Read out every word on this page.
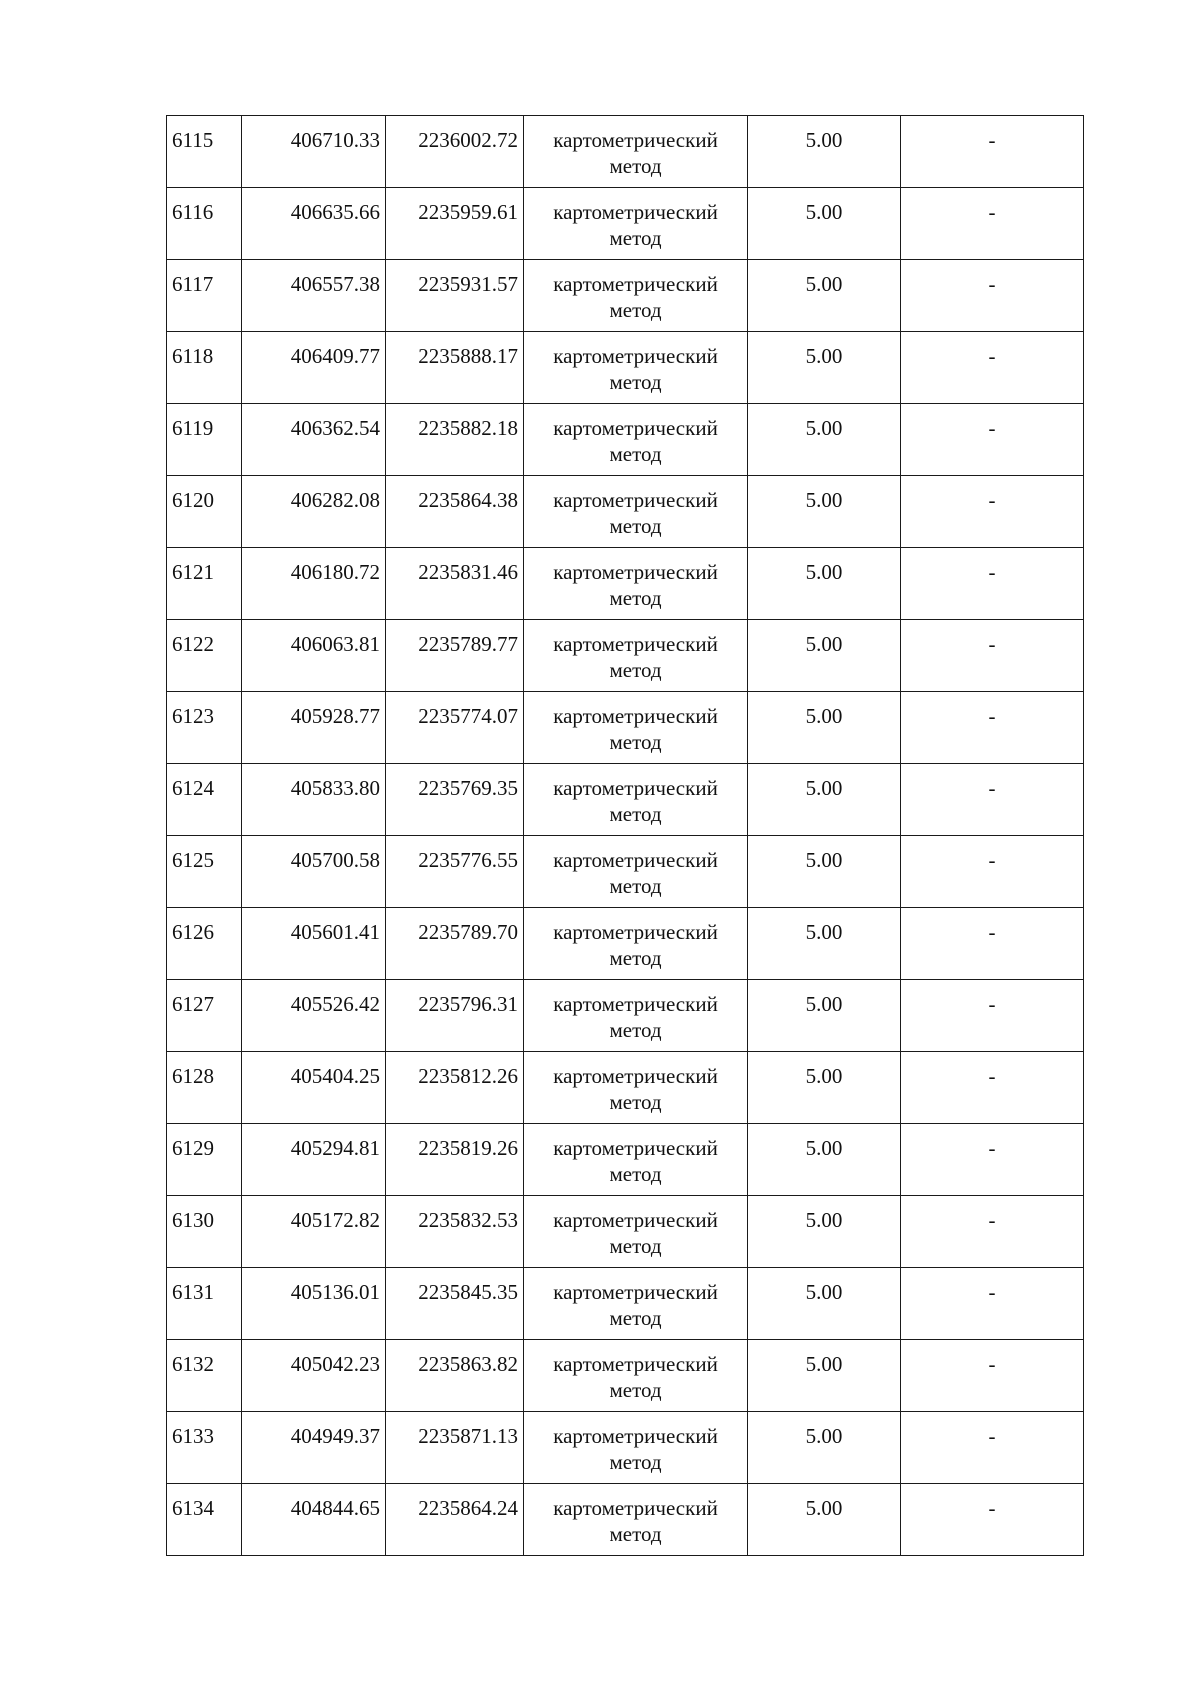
6115	406710.33	2236002.72	картометрический метод	5.00	-
6116	406635.66	2235959.61	картометрический метод	5.00	-
6117	406557.38	2235931.57	картометрический метод	5.00	-
6118	406409.77	2235888.17	картометрический метод	5.00	-
6119	406362.54	2235882.18	картометрический метод	5.00	-
6120	406282.08	2235864.38	картометрический метод	5.00	-
6121	406180.72	2235831.46	картометрический метод	5.00	-
6122	406063.81	2235789.77	картометрический метод	5.00	-
6123	405928.77	2235774.07	картометрический метод	5.00	-
6124	405833.80	2235769.35	картометрический метод	5.00	-
6125	405700.58	2235776.55	картометрический метод	5.00	-
6126	405601.41	2235789.70	картометрический метод	5.00	-
6127	405526.42	2235796.31	картометрический метод	5.00	-
6128	405404.25	2235812.26	картометрический метод	5.00	-
6129	405294.81	2235819.26	картометрический метод	5.00	-
6130	405172.82	2235832.53	картометрический метод	5.00	-
6131	405136.01	2235845.35	картометрический метод	5.00	-
6132	405042.23	2235863.82	картометрический метод	5.00	-
6133	404949.37	2235871.13	картометрический метод	5.00	-
6134	404844.65	2235864.24	картометрический метод	5.00	-
